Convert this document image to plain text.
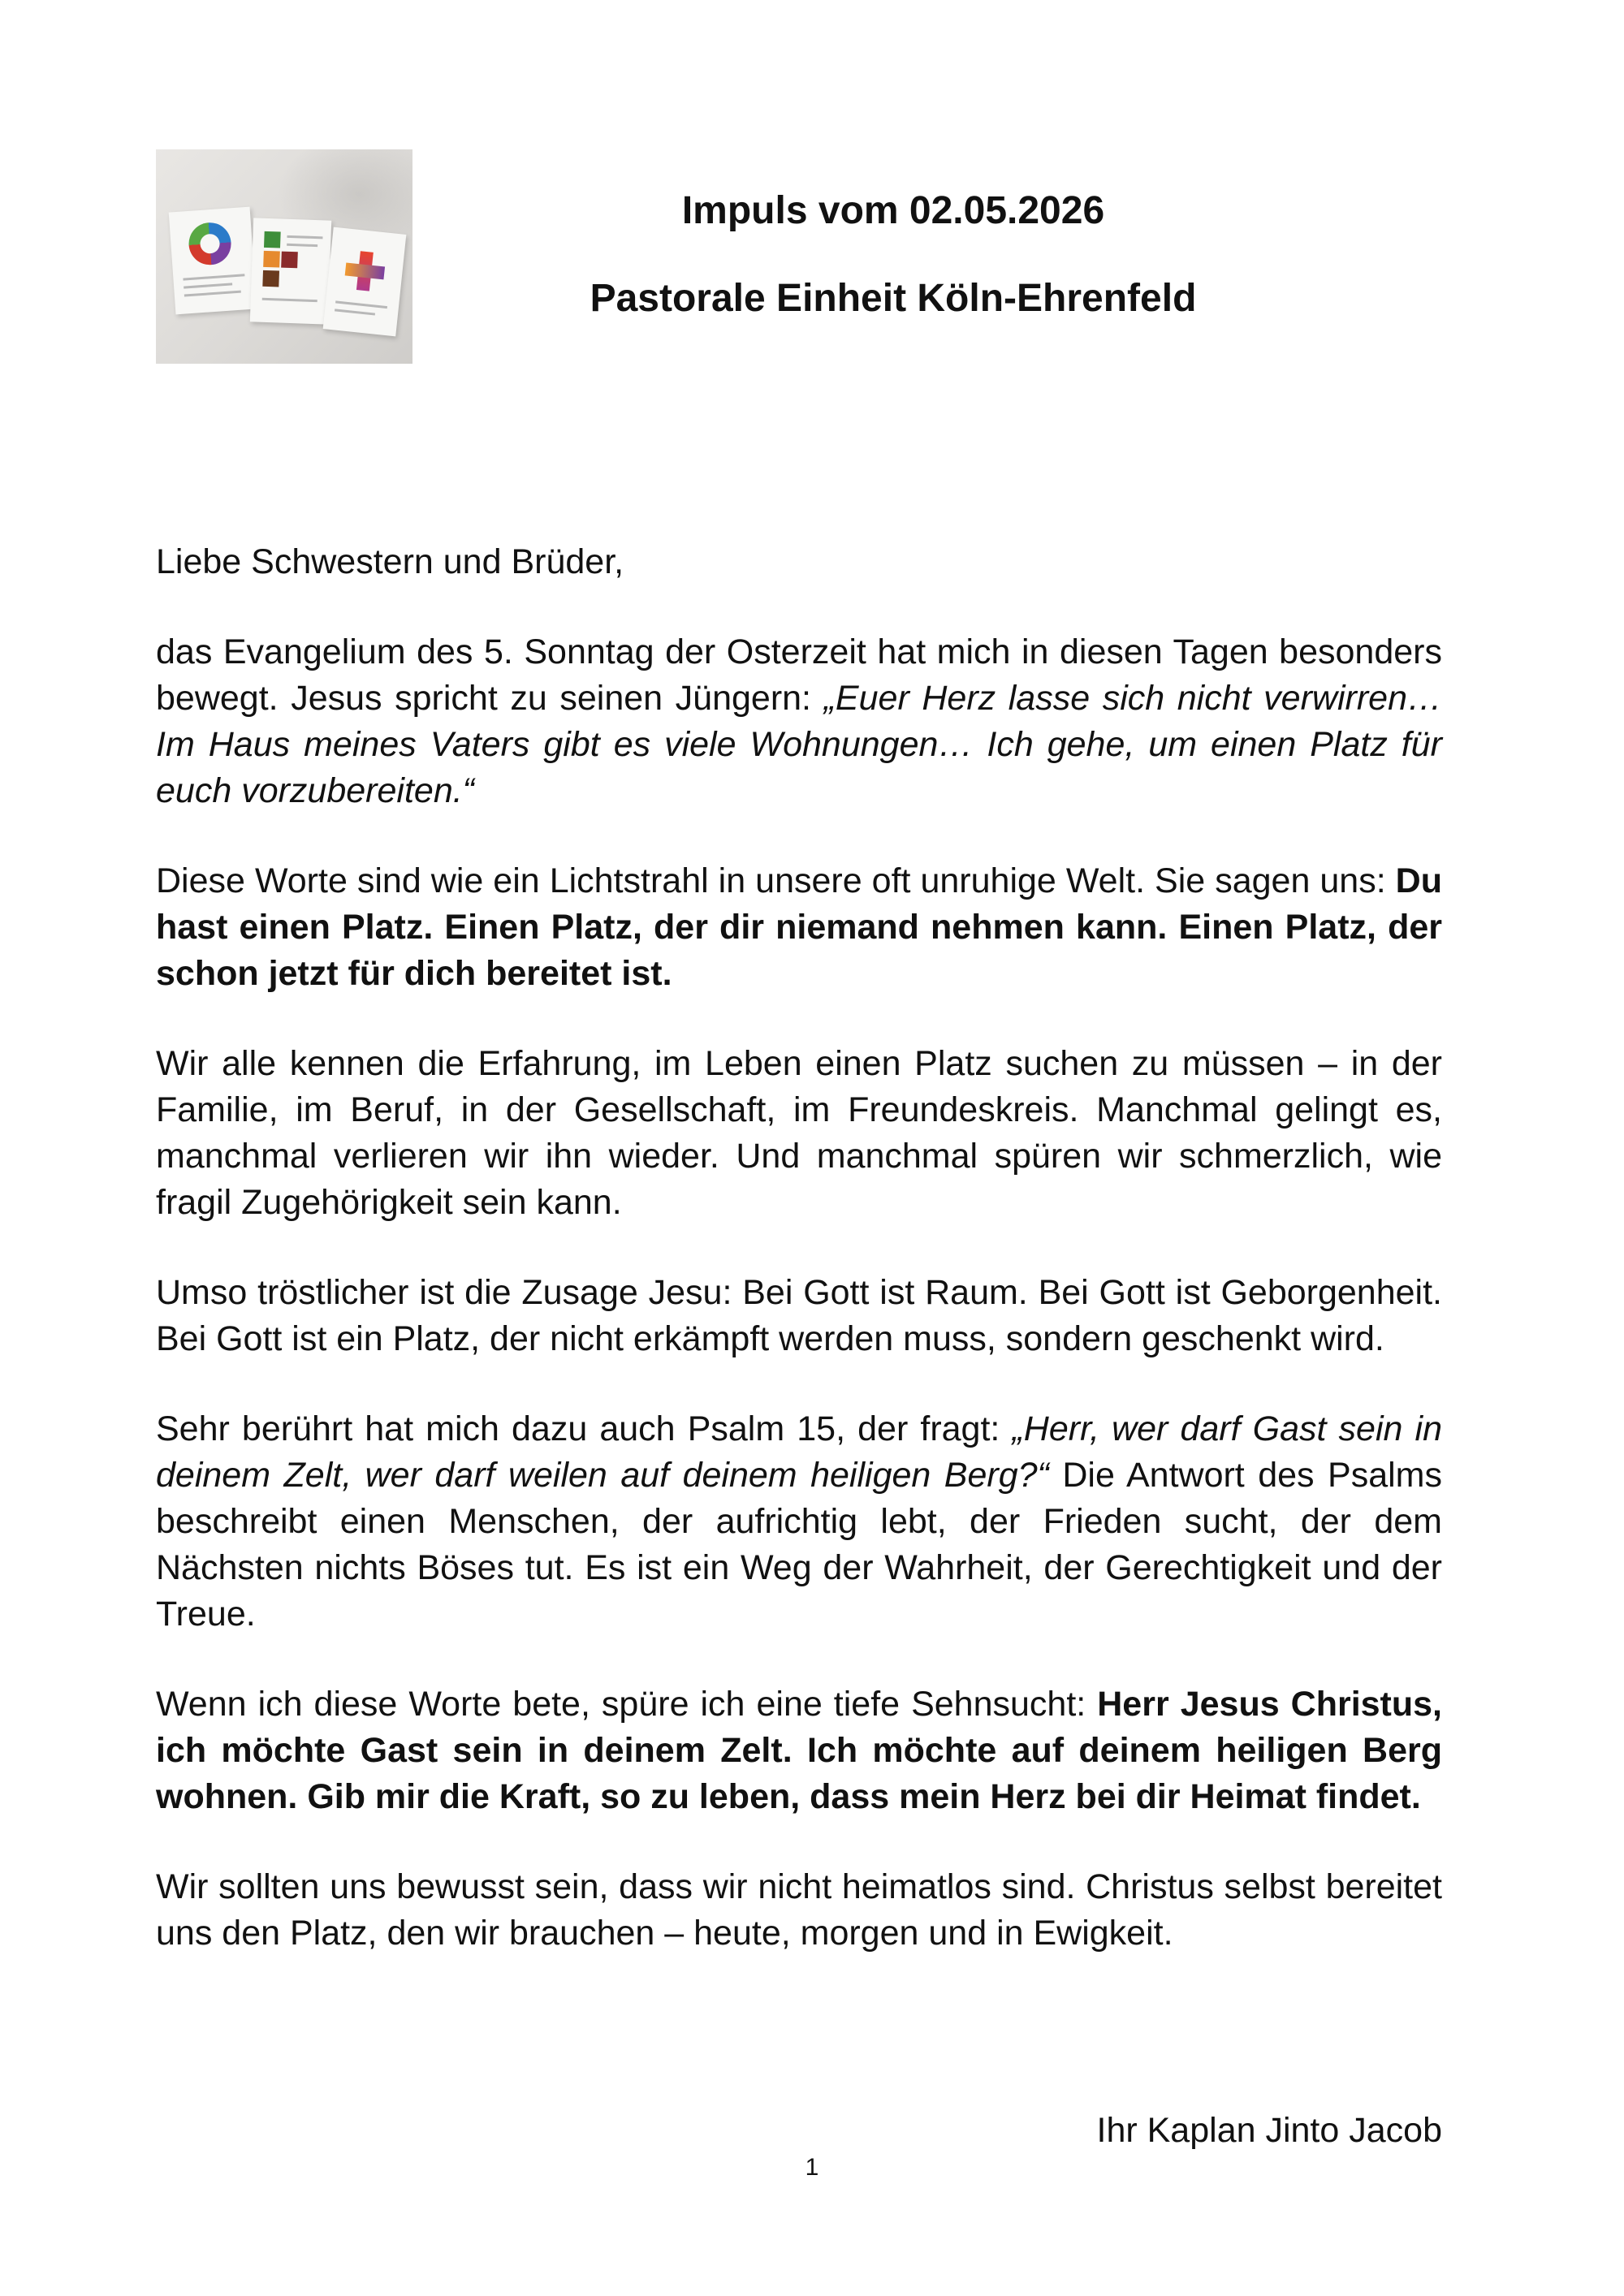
Impuls vom 02.05.2026
Pastorale Einheit Köln-Ehrenfeld

Liebe Schwestern und Brüder,

das Evangelium des 5. Sonntag der Osterzeit hat mich in diesen Tagen besonders bewegt. Jesus spricht zu seinen Jüngern: „Euer Herz lasse sich nicht verwirren… Im Haus meines Vaters gibt es viele Wohnungen… Ich gehe, um einen Platz für euch vorzubereiten.“

Diese Worte sind wie ein Lichtstrahl in unsere oft unruhige Welt. Sie sagen uns: Du hast einen Platz. Einen Platz, der dir niemand nehmen kann. Einen Platz, der schon jetzt für dich bereitet ist.

Wir alle kennen die Erfahrung, im Leben einen Platz suchen zu müssen – in der Familie, im Beruf, in der Gesellschaft, im Freundeskreis. Manchmal gelingt es, manchmal verlieren wir ihn wieder. Und manchmal spüren wir schmerzlich, wie fragil Zugehörigkeit sein kann.

Umso tröstlicher ist die Zusage Jesu: Bei Gott ist Raum. Bei Gott ist Geborgenheit. Bei Gott ist ein Platz, der nicht erkämpft werden muss, sondern geschenkt wird.

Sehr berührt hat mich dazu auch Psalm 15, der fragt: „Herr, wer darf Gast sein in deinem Zelt, wer darf weilen auf deinem heiligen Berg?“ Die Antwort des Psalms beschreibt einen Menschen, der aufrichtig lebt, der Frieden sucht, der dem Nächsten nichts Böses tut. Es ist ein Weg der Wahrheit, der Gerechtigkeit und der Treue.

Wenn ich diese Worte bete, spüre ich eine tiefe Sehnsucht: Herr Jesus Christus, ich möchte Gast sein in deinem Zelt. Ich möchte auf deinem heiligen Berg wohnen. Gib mir die Kraft, so zu leben, dass mein Herz bei dir Heimat findet.

Wir sollten uns bewusst sein, dass wir nicht heimatlos sind. Christus selbst bereitet uns den Platz, den wir brauchen – heute, morgen und in Ewigkeit.

Ihr Kaplan Jinto Jacob
1
